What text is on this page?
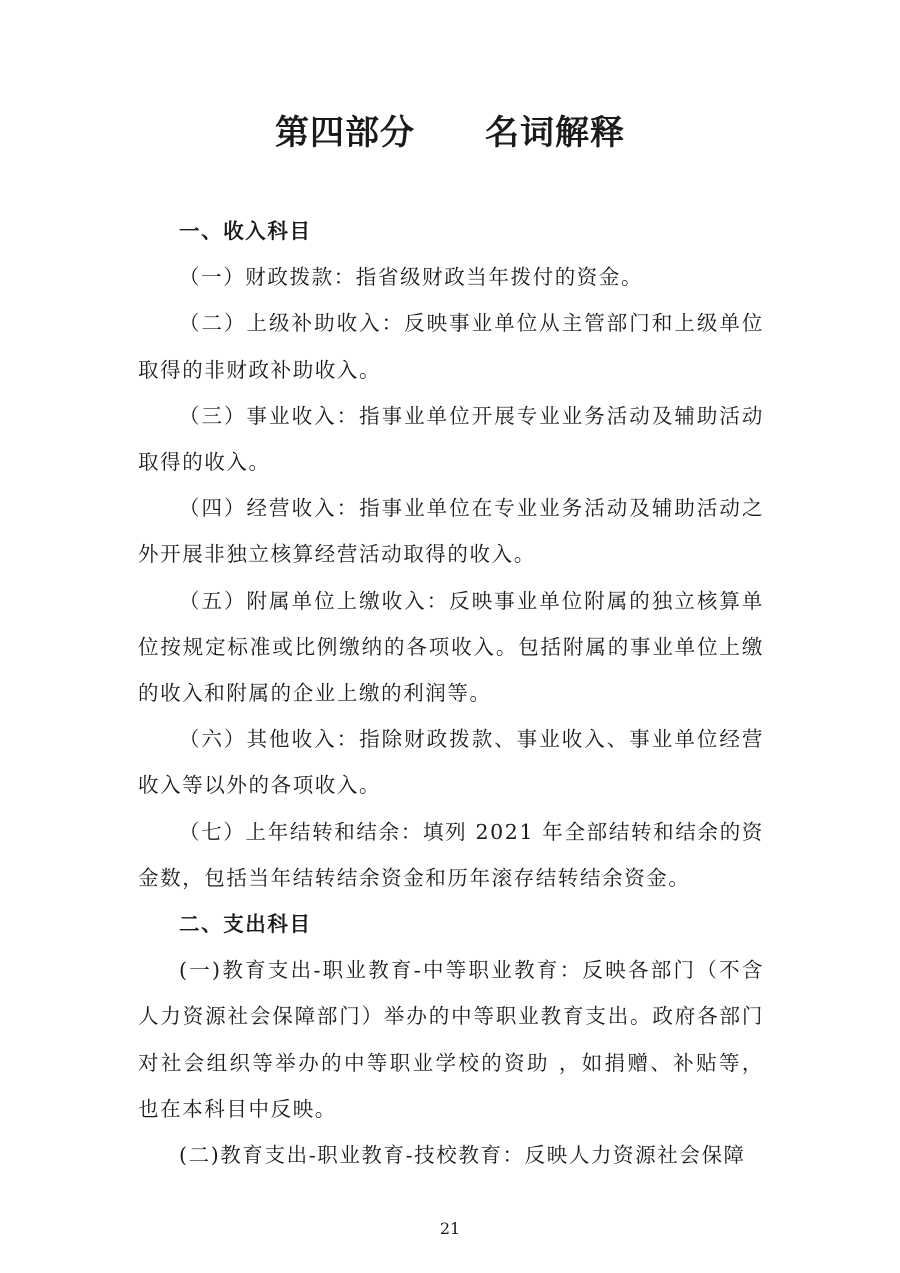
第四部分　　名词解释

一、收入科目

（一）财政拨款：指省级财政当年拨付的资金。

（二）上级补助收入：反映事业单位从主管部门和上级单位取得的非财政补助收入。

（三）事业收入：指事业单位开展专业业务活动及辅助活动取得的收入。

（四）经营收入：指事业单位在专业业务活动及辅助活动之外开展非独立核算经营活动取得的收入。

（五）附属单位上缴收入：反映事业单位附属的独立核算单位按规定标准或比例缴纳的各项收入。包括附属的事业单位上缴的收入和附属的企业上缴的利润等。

（六）其他收入：指除财政拨款、事业收入、事业单位经营收入等以外的各项收入。

（七）上年结转和结余：填列 2021 年全部结转和结余的资金数，包括当年结转结余资金和历年滚存结转结余资金。

二、支出科目

(一)教育支出-职业教育-中等职业教育：反映各部门（不含人力资源社会保障部门）举办的中等职业教育支出。政府各部门对社会组织等举办的中等职业学校的资助 ，如捐赠、补贴等，也在本科目中反映。

(二)教育支出-职业教育-技校教育：反映人力资源社会保障

21
